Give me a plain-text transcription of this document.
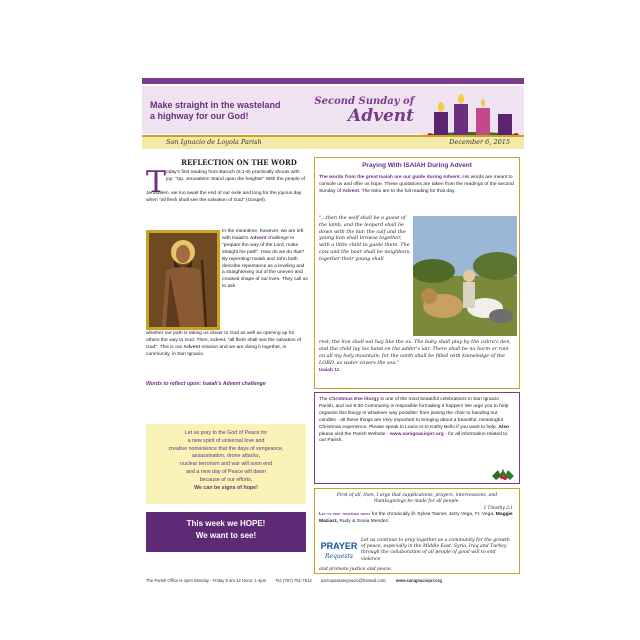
Make straight in the wasteland
a highway for our God!
Second Sunday of
Advent
San Ignacio de Loyola Parish	December 6, 2015
REFLECTION ON THE WORD
T oday's first reading from Baruch (5:1-9) practically shouts with joy: "Up, Jerusalem! Stand upon the heights!" With the people of

Jerusalem, we too await the end of our exile and long for the joyous day when "all flesh shall see the salvation of God" (Gospel).

In the meantime, however, we are left with Isaiah's Advent challenge to "prepare the way of the Lord, make straight his path". How do we do that? By repenting! Isaiah and John both describe repentance as a leveling and a straightening out of the uneven and crooked shape of our lives. They call us to ask

whether our path is taking us closer to God as well as opening up for others the way to God. Then, indeed, "all flesh shall see the salvation of God". This is our Advent mission and we are doing it together, in community, in San Ignacio.

Words to reflect upon: Isaiah's Advent challenge
Let us pray to the God of Peace for
a new spirit of universal love and
creative nonviolence that the days of vengeance,
assassination, drone attacks,
nuclear terrorism and war will soon end
and a new day of Peace will dawn
because of our efforts.
We can be signs of hope!
This week we HOPE!
We want to see!
Praying With ISAIAH During Advent

The words from the great Isaiah are our guide during Advent. His words are meant to console us and offer us hope. These quotations are taken from the readings of the second Sunday of Advent. The links are to the full reading for that day.

"...then the wolf shall be a guest of the lamb, and the leopard shall lie down with the kid; the calf and the young lion shall browse together, with a little child to guide them. The cow and the bear shall be neighbors, together their young shall

rest; the lion shall eat hay like the ox. The baby shall play by the cobra's den, and the child lay his hand on the adder's lair. There shall be no harm or ruin on all my holy mountain; for the earth shall be filled with knowledge of the LORD, as water covers the sea."
Isaiah 11

The Christmas Eve liturgy is one of the most beautiful celebrations in San Ignacio Parish, and our 9:30 Community is resposible formaking it happen! We urge you to help organize this liturgy in whatever way possible: from joining the choir to handing out candles - all these things are Very Important to bringing about a beautiful, meaningful Christmas experience. Please speak to Laura or to Kathy Bello if you want to help. Also please visit the Parish Website - www.sanignacioprr.org - for all information related to our Parish.

First of all, then, I urge that supplications, prayers, intercessions, and thanksgivings be made for all people,

1 Timothy 2:1

Let us pray together today for the chronically ill: Sylvia Tasner, Jerry Vega, Fr. Vega, Maggie Maziarz, Rudy & Sonia Mendez.

PRAYER
Requests

Let us continue to pray together as a community for the growth of peace, especially in the Middle East, Syria, Iraq and Turkey through the collaboration of all people of good will to end violence

and promote justice and peace.

The Parish Office is open Monday - Friday 9 am-12 Noon; 1-4pm Tel. (787) 751-7512 parroquiasanignacio@hotmail.com; www.sanignacioprr.org
